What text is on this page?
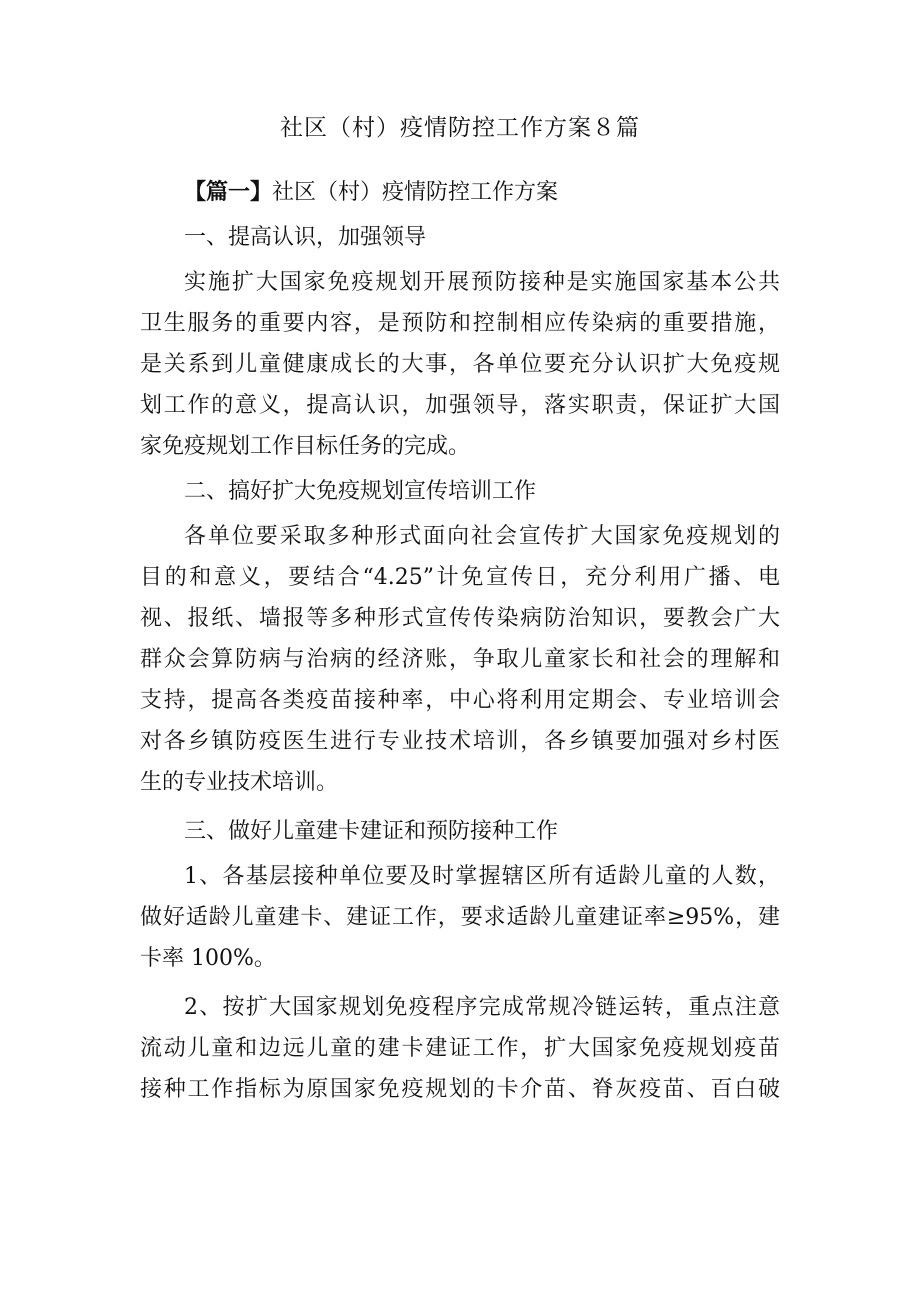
社区（村）疫情防控工作方案８篇
【篇一】社区（村）疫情防控工作方案
一、提高认识，加强领导
实施扩大国家免疫规划开展预防接种是实施国家基本公共
卫生服务的重要内容，是预防和控制相应传染病的重要措施，
是关系到儿童健康成长的大事，各单位要充分认识扩大免疫规
划工作的意义，提高认识，加强领导，落实职责，保证扩大国
家免疫规划工作目标任务的完成。
二、搞好扩大免疫规划宣传培训工作
各单位要采取多种形式面向社会宣传扩大国家免疫规划的
目的和意义，要结合“4.25”计免宣传日，充分利用广播、电
视、报纸、墙报等多种形式宣传传染病防治知识，要教会广大
群众会算防病与治病的经济账，争取儿童家长和社会的理解和
支持，提高各类疫苗接种率，中心将利用定期会、专业培训会
对各乡镇防疫医生进行专业技术培训，各乡镇要加强对乡村医
生的专业技术培训。
三、做好儿童建卡建证和预防接种工作
1、各基层接种单位要及时掌握辖区所有适龄儿童的人数，
做好适龄儿童建卡、建证工作，要求适龄儿童建证率≥95%，建
卡率 100%。
2、按扩大国家规划免疫程序完成常规冷链运转，重点注意
流动儿童和边远儿童的建卡建证工作，扩大国家免疫规划疫苗
接种工作指标为原国家免疫规划的卡介苗、脊灰疫苗、百白破
